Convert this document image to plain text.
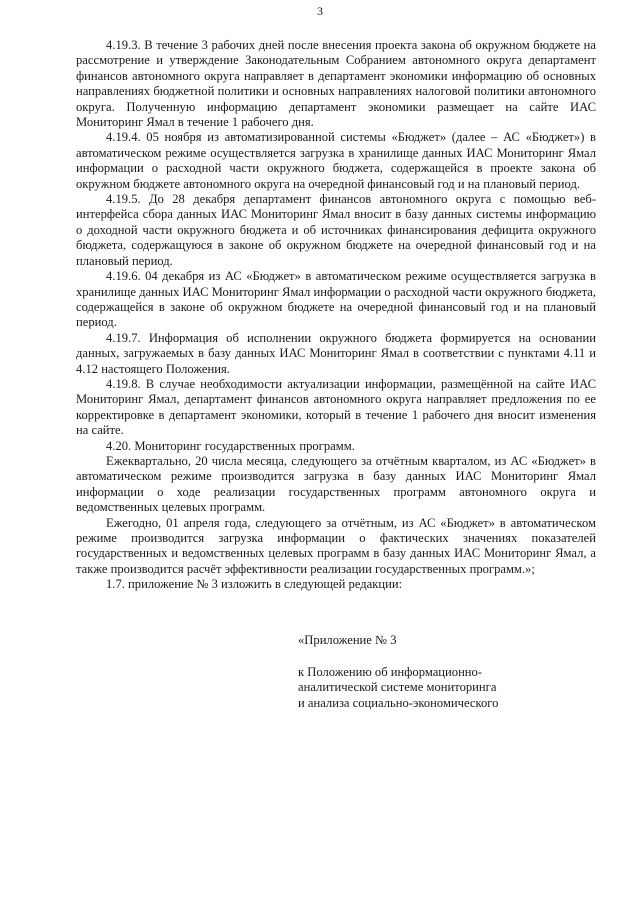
3

4.19.3. В течение 3 рабочих дней после внесения проекта закона об окружном бюджете на рассмотрение и утверждение Законодательным Собранием автономного округа департамент финансов автономного округа направляет в департамент экономики информацию об основных направлениях бюджетной политики и основных направлениях налоговой политики автономного округа. Полученную информацию департамент экономики размещает на сайте ИАС Мониторинг Ямал в течение 1 рабочего дня.

4.19.4. 05 ноября из автоматизированной системы «Бюджет» (далее – АС «Бюджет») в автоматическом режиме осуществляется загрузка в хранилище данных ИАС Мониторинг Ямал информации о расходной части окружного бюджета, содержащейся в проекте закона об окружном бюджете автономного округа на очередной финансовый год и на плановый период.

4.19.5. До 28 декабря департамент финансов автономного округа с помощью веб-интерфейса сбора данных ИАС Мониторинг Ямал вносит в базу данных системы информацию о доходной части окружного бюджета и об источниках финансирования дефицита окружного бюджета, содержащуюся в законе об окружном бюджете на очередной финансовый год и на плановый период.

4.19.6. 04 декабря из АС «Бюджет» в автоматическом режиме осуществляется загрузка в хранилище данных ИАС Мониторинг Ямал информации о расходной части окружного бюджета, содержащейся в законе об окружном бюджете на очередной финансовый год и на плановый период.

4.19.7. Информация об исполнении окружного бюджета формируется на основании данных, загружаемых в базу данных ИАС Мониторинг Ямал в соответствии с пунктами 4.11 и 4.12 настоящего Положения.

4.19.8. В случае необходимости актуализации информации, размещённой на сайте ИАС Мониторинг Ямал, департамент финансов автономного округа направляет предложения по ее корректировке в департамент экономики, который в течение 1 рабочего дня вносит изменения на сайте.

4.20. Мониторинг государственных программ.

Ежеквартально, 20 числа месяца, следующего за отчётным кварталом, из АС «Бюджет» в автоматическом режиме производится загрузка в базу данных ИАС Мониторинг Ямал информации о ходе реализации государственных программ автономного округа и ведомственных целевых программ.

Ежегодно, 01 апреля года, следующего за отчётным, из АС «Бюджет» в автоматическом режиме производится загрузка информации о фактических значениях показателей государственных и ведомственных целевых программ в базу данных ИАС Мониторинг Ямал, а также производится расчёт эффективности реализации государственных программ.»;

1.7. приложение № 3 изложить в следующей редакции:

«Приложение № 3
к Положению об информационно-
аналитической системе мониторинга
и анализа социально-экономического
